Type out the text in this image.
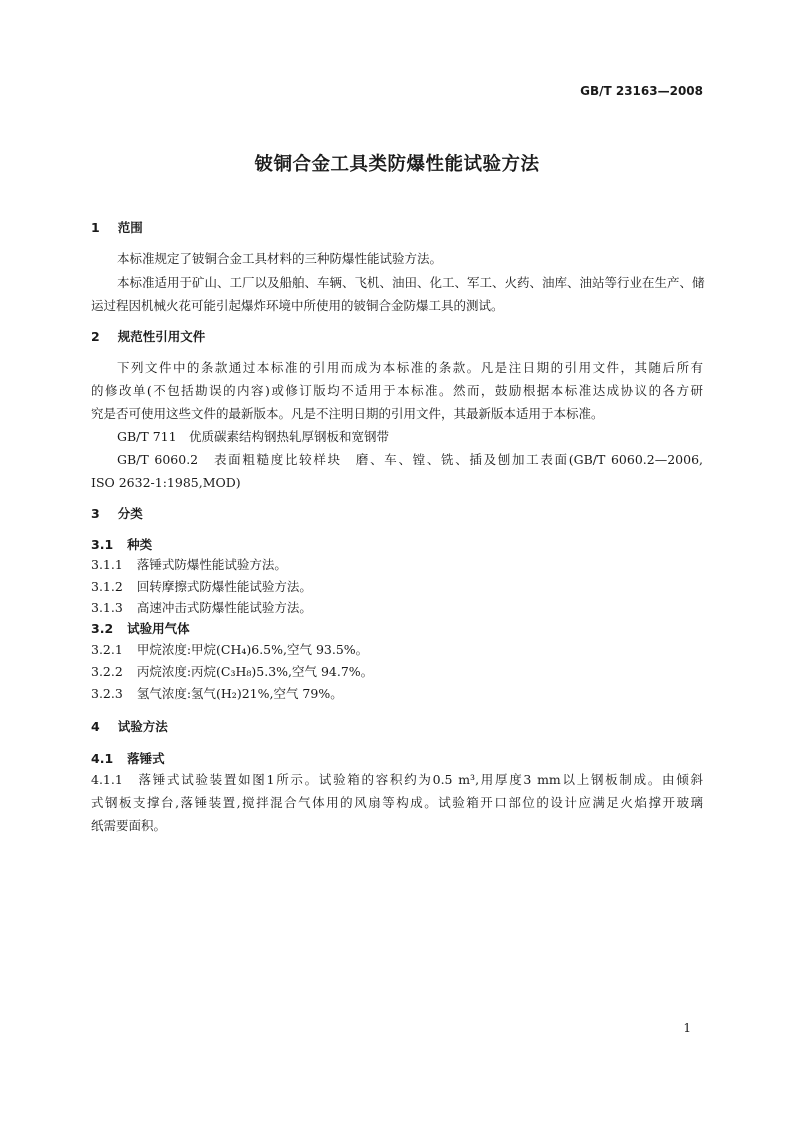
GB/T 23163—2008
铍铜合金工具类防爆性能试验方法
1 范围
本标准规定了铍铜合金工具材料的三种防爆性能试验方法。
本标准适用于矿山、工厂以及船舶、车辆、飞机、油田、化工、军工、火药、油库、油站等行业在生产、储
运过程因机械火花可能引起爆炸环境中所使用的铍铜合金防爆工具的测试。
2 规范性引用文件
下列文件中的条款通过本标准的引用而成为本标准的条款。凡是注日期的引用文件，其随后所有
的修改单(不包括勘误的内容)或修订版均不适用于本标准。然而，鼓励根据本标准达成协议的各方研
究是否可使用这些文件的最新版本。凡是不注明日期的引用文件，其最新版本适用于本标准。
GB/T 711　优质碳素结构钢热轧厚钢板和宽钢带
GB/T 6060.2　表面粗糙度比较样块　磨、车、镗、铣、插及刨加工表面(GB/T 6060.2—2006,
ISO 2632-1:1985,MOD)
3 分类
3.1 种类
3.1.1 落锤式防爆性能试验方法。
3.1.2 回转摩擦式防爆性能试验方法。
3.1.3 高速冲击式防爆性能试验方法。
3.2 试验用气体
3.2.1 甲烷浓度:甲烷(CH₄)6.5%,空气 93.5%。
3.2.2 丙烷浓度:丙烷(C₃H₈)5.3%,空气 94.7%。
3.2.3 氢气浓度:氢气(H₂)21%,空气 79%。
4 试验方法
4.1 落锤式
4.1.1 落锤式试验装置如图1所示。试验箱的容积约为0.5 m³,用厚度3 mm以上钢板制成。由倾斜
式钢板支撑台,落锤装置,搅拌混合气体用的风扇等构成。试验箱开口部位的设计应满足火焰撑开玻璃
纸需要面积。
1
